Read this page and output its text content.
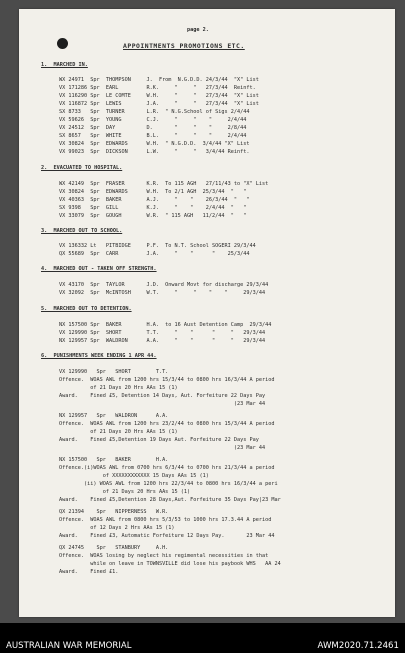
page 2.
APPOINTMENTS PROMOTIONS ETC.
1.  MARCHED IN.
WX 24971  Spr  THOMPSON     J.  From  N.G.D.D. 24/3/44  "X" List
VX 171286 Spr  EARL         R.K.     "     "   27/3/44  Reinft.
VX 116290 Spr  LE COMTE     W.H.     "     "   27/3/44  "X" List
VX 116872 Spr  LEWIS        J.A.     "     "   27/3/44  "X" List
SX 8733   Spr  TURNER       L.R.  " N.G.School of Sigs 2/4/44
VX 59626  Spr  YOUNG        C.J.     "     "    "     2/4/44
VX 24512  Spr  DAY          D.       "     "    "     2/8/44
SX 8657   Spr  WHITE        B.L.     "     "    "     2/4/44
VX 30824  Spr  EDWARDS      W.H.  " N.G.D.D.  3/4/44 "X" List
VX 99023  Spr  DICKSON      L.W.     "     "   3/4/44 Reinft.
2.  EVACUATED TO HOSPITAL.
WX 42149  Spr  FRASER       K.R.  To 115 AGH   27/11/43 to "X" List
VX 30824  Spr  EDWARDS      W.H.  To 2/1 AGH  25/3/44  "   "
VX 40363  Spr  BAKER        A.J.     "    "    26/3/44  "   "
SX 9398   Spr  GILL         K.J.     "    "    2/4/44  "   "
VX 33079  Spr  GOUGH        W.R.  " 115 AGH   11/2/44  "   "
3.  MARCHED OUT TO SCHOOL.
VX 136332 Lt   PITBIDGE     P.F.  To N.T. School SOGERI 29/3/44
QX 55689  Spr  CARR         J.A.     "    "      "    25/3/44
4.  MARCHED OUT - TAKEN OFF STRENGTH.
VX 43170  Spr  TAYLOR       J.D.  Onward Movt for discharge 29/3/44
VX 32092  Spr  McINTOSH     W.T.     "     "    "    "     29/3/44
5.  MARCHED OUT TO DETENTION.
NX 157500 Spr  BAKER        H.A.  to 16 Aust Detention Camp  29/3/44
VX 129990 Spr  SHORT        T.T.     "    "      "     "   29/3/44
NX 129957 Spr  WALDRON      A.A.     "    "      "     "   29/3/44
6.  PUNISHMENTS WEEK ENDING 1 APR 44.
VX 129990   Spr   SHORT        T.T.
Offence.  WOAS AWL from 1200 hrs 15/3/44 to 0800 hrs 16/3/44 A period
of 21 Days 20 Hrs AAs 15 (1)
Award.    Fined £5, Detention 14 Days, Aut. Forfeiture 22 Days Pay
(23 Mar 44
NX 129957   Spr   WALDRON      A.A.
Offence.  WOAS AWL from 1200 hrs 23/2/44 to 0800 hrs 15/3/44 A period
of 21 Days 20 Hrs AAs 15 (1)
Award.    Fined £5,Detention 19 Days Aut. Forfeiture 22 Days Pay
(23 Mar 44
NX 157500   Spr   BAKER        H.A.
Offence.(i)WOAS AWL from 0700 hrs 6/3/44 to 0700 hrs 21/3/44 a period
of XXXXXXXXXXXX 15 Days AAs 15 (1)
(ii) WOAS AWL from 1200 hrs 22/3/44 to 0800 hrs 16/3/44 a peri
of 21 Days 20 Hrs AAs 15 (1)
Award.    Fined £5,Detention 28 Days,Aut. Forfeiture 35 Days Pay|23 Mar
QX 21394    Spr   NIPPERNESS   W.R.
Offence.  WOAS AWL from 0800 hrs 5/3/53 to 1000 hrs 17.3.44 A period
of 12 Days 2 Hrs AAs 15 (1)
Award.    Fined £3, Automatic Forfeiture 12 Days Pay.       23 Mar 44
QX 24745    Spr   STANBURY     A.H.
Offence.  WOAS losing by neglect his regimental necessities in that
while on leave in TOWNSVILLE did lose his paybook WHS   AA 24
Award.    Fined £1.
AUSTRALIAN WAR MEMORIAL	AWM2020.71.2461
